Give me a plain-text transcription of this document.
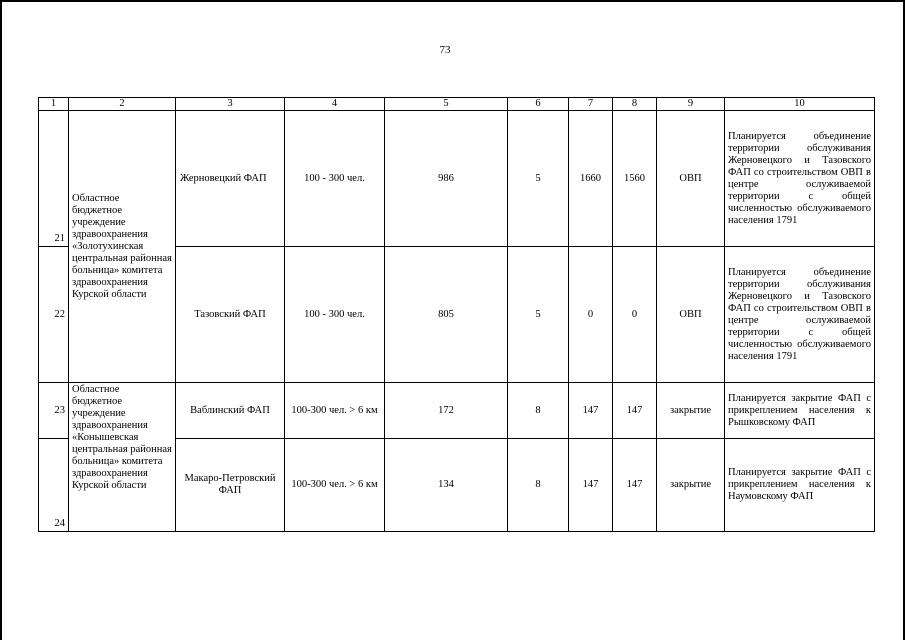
73
1	2	3	4	5	6	7	8	9	10
21	Областное бюджетное учреждение здравоохранения «Золотухинская центральная районная больница» комитета здравоохранения Курской области	Жерновецкий ФАП	100 - 300 чел.	986	5	1660	1560	ОВП	Планируется объединение территории обслуживания Жерновецкого и Тазовского ФАП со строительством ОВП в центре ослуживаемой территории с общей численностью обслуживаемого населения 1791
22		Тазовский ФАП	100 - 300 чел.	805	5	0	0	ОВП	Планируется объединение территории обслуживания Жерновецкого и Тазовского ФАП со строительством ОВП в центре ослуживаемой территории с общей численностью обслуживаемого населения 1791
23	Областное бюджетное учреждение здравоохранения «Конышевская центральная районная больница» комитета здравоохранения Курской области	Ваблинский ФАП	100-300 чел. > 6 км	172	8	147	147	закрытие	Планируется закрытие ФАП с прикреплением населения к Рышковскому ФАП
24		Макаро-Петровский ФАП	100-300 чел. > 6 км	134	8	147	147	закрытие	Планируется закрытие ФАП с прикреплением населения к Наумовскому ФАП
